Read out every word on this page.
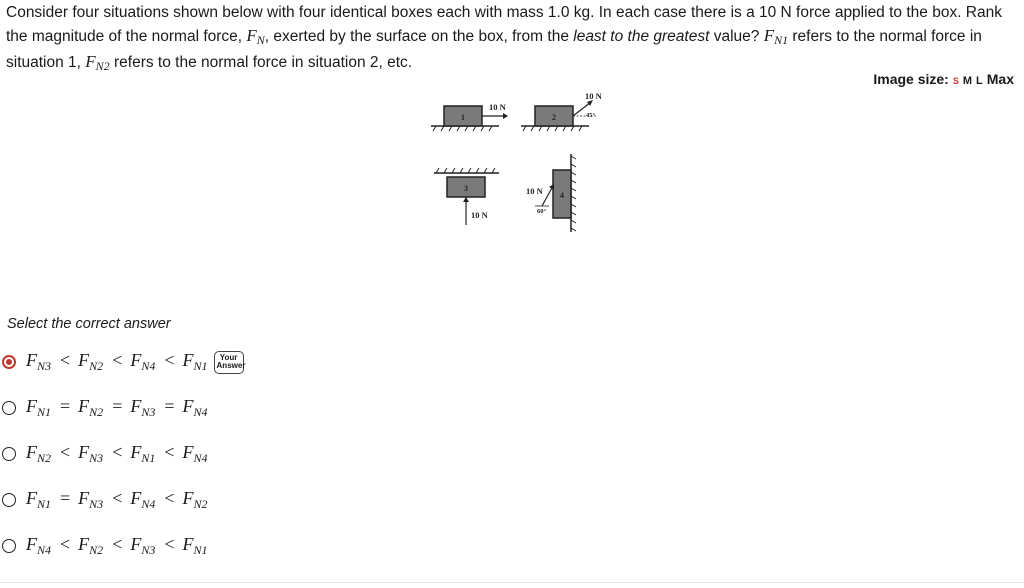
Consider four situations shown below with four identical boxes each with mass 1.0 kg. In each case there is a 10 N force applied to the box. Rank the magnitude of the normal force, $F_N$, exerted by the surface on the box, from the least to the greatest value? $F_{N1}$ refers to the normal force in situation 1, $F_{N2}$ refers to the normal force in situation 2, etc.
Image size: S M L Max
1
10 N
2
10 N
45°
3
10 N
4
10 N
60°
Select the correct answer
$F_{N3} < F_{N2} < F_{N4} < F_{N1}$
Your Answer
$F_{N1} = F_{N2} = F_{N3} = F_{N4}$
$F_{N2} < F_{N3} < F_{N1} < F_{N4}$
$F_{N1} = F_{N3} < F_{N4} < F_{N2}$
$F_{N4} < F_{N2} < F_{N3} < F_{N1}$
